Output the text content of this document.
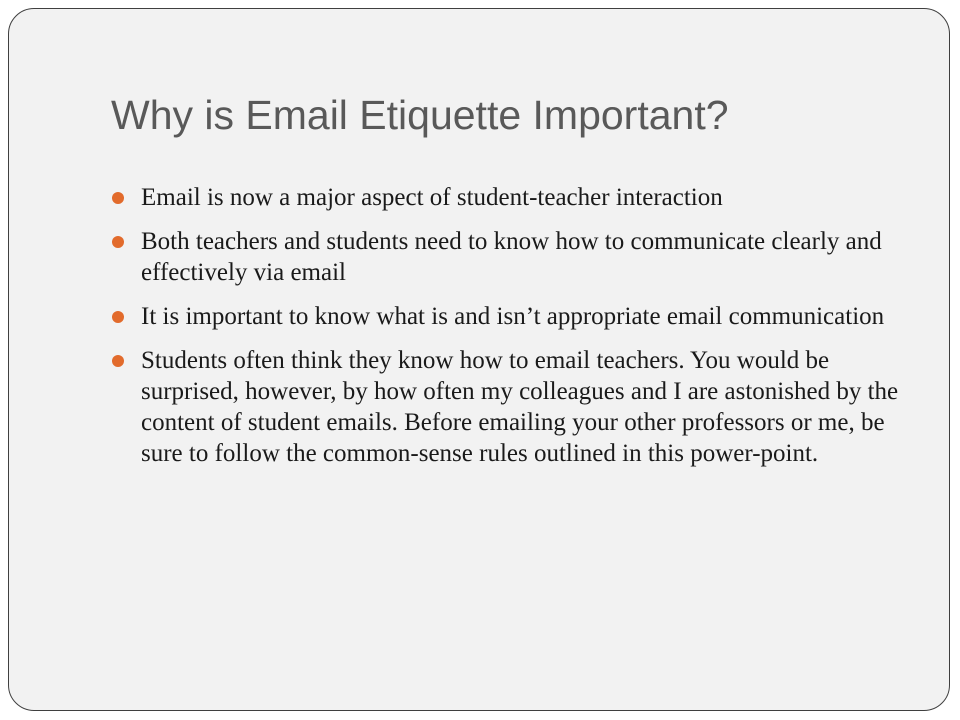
Why is Email Etiquette Important?
Email is now a major aspect of student-teacher interaction
Both teachers and students need to know how to communicate clearly and effectively via email
It is important to know what is and isn’t appropriate email communication
Students often think they know how to email teachers. You would be surprised, however, by how often my colleagues and I are astonished by the content of student emails. Before emailing your other professors or me, be sure to follow the common-sense rules outlined in this power-point.
